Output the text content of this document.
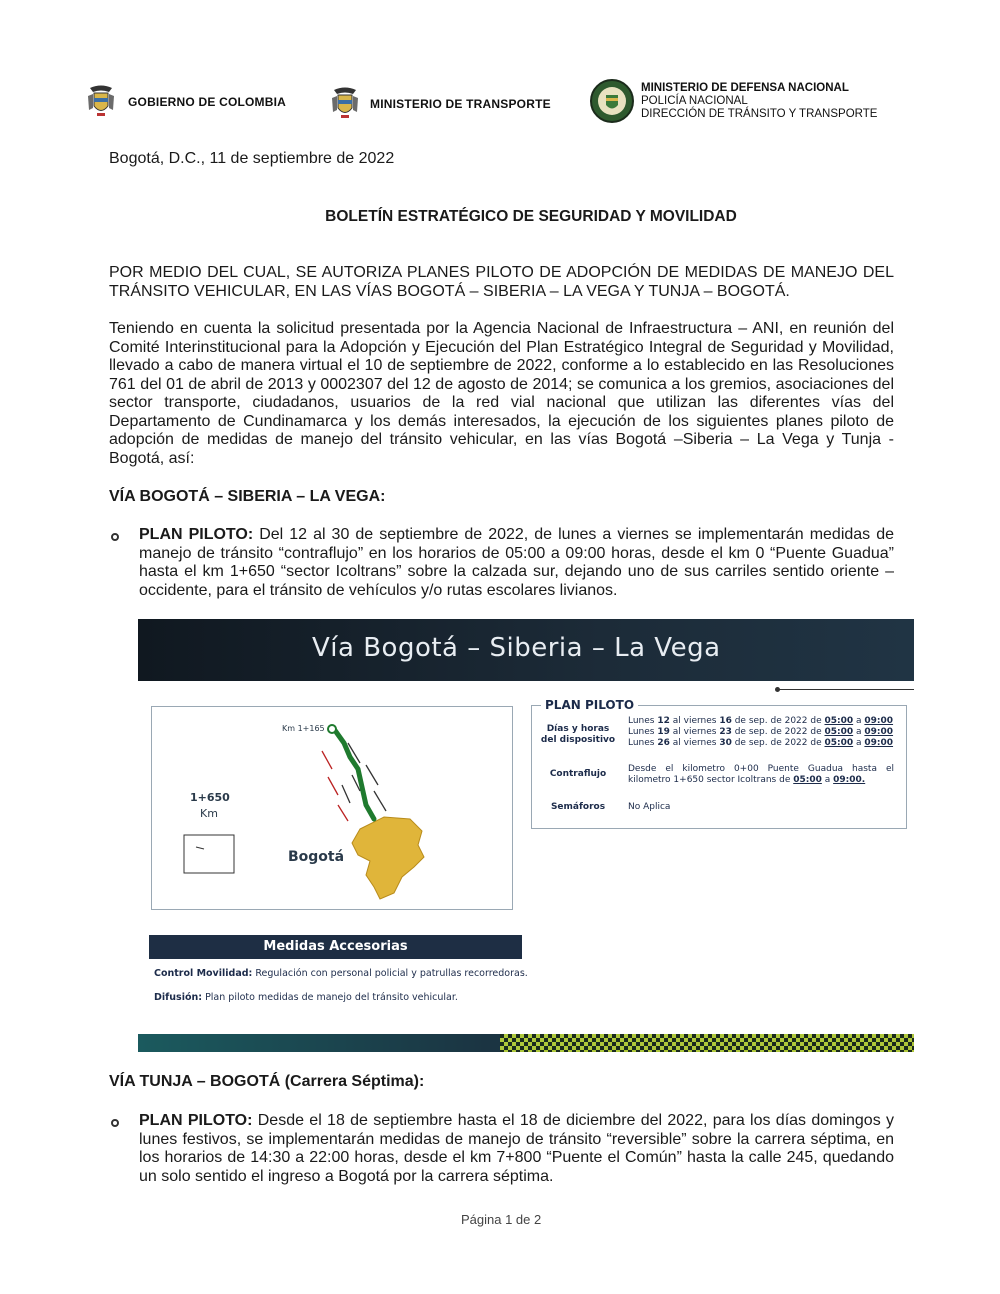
GOBIERNO DE COLOMBIA	MINISTERIO DE TRANSPORTE
MINISTERIO DE DEFENSA NACIONAL
POLICÍA NACIONAL
DIRECCIÓN DE TRÁNSITO Y TRANSPORTE
Bogotá, D.C., 11 de septiembre de 2022
BOLETÍN ESTRATÉGICO DE SEGURIDAD Y MOVILIDAD
POR MEDIO DEL CUAL, SE AUTORIZA PLANES PILOTO DE ADOPCIÓN DE MEDIDAS DE MANEJO DEL TRÁNSITO VEHICULAR, EN LAS VÍAS BOGOTÁ – SIBERIA – LA VEGA Y TUNJA – BOGOTÁ.
Teniendo en cuenta la solicitud presentada por la Agencia Nacional de Infraestructura – ANI, en reunión del Comité Interinstitucional para la Adopción y Ejecución del Plan Estratégico Integral de Seguridad y Movilidad, llevado a cabo de manera virtual el 10 de septiembre de 2022, conforme a lo establecido en las Resoluciones 761 del 01 de abril de 2013 y 0002307 del 12 de agosto de 2014; se comunica a los gremios, asociaciones del sector transporte, ciudadanos, usuarios de la red vial nacional que utilizan las diferentes vías del Departamento de Cundinamarca y los demás interesados, la ejecución de los siguientes planes piloto de adopción de medidas de manejo del tránsito vehicular, en las vías Bogotá –Siberia – La Vega y Tunja - Bogotá, así:
VÍA BOGOTÁ – SIBERIA – LA VEGA:
PLAN PILOTO: Del 12 al 30 de septiembre de 2022, de lunes a viernes se implementarán medidas de manejo de tránsito “contraflujo” en los horarios de 05:00 a 09:00 horas, desde el km 0 “Puente Guadua” hasta el km 1+650 “sector Icoltrans” sobre la calzada sur, dejando uno de sus carriles sentido oriente – occidente, para el tránsito de vehículos y/o rutas escolares livianos.
Vía Bogotá – Siberia – La Vega
Km 1+165
1+650
Km
Bogotá
PLAN PILOTO
Días y horas del dispositivo
Lunes 12 al viernes 16 de sep. de 2022 de 05:00 a 09:00
Lunes 19 al viernes 23 de sep. de 2022 de 05:00 a 09:00
Lunes 26 al viernes 30 de sep. de 2022 de 05:00 a 09:00
Contraflujo	Desde el kilometro 0+00 Puente Guadua hasta el kilometro 1+650 sector Icoltrans de 05:00 a 09:00.
Semáforos	No Aplica
Medidas Accesorias
Control Movilidad: Regulación con personal policial y patrullas recorredoras.
Difusión: Plan piloto medidas de manejo del tránsito vehicular.
VÍA TUNJA – BOGOTÁ (Carrera Séptima):
PLAN PILOTO: Desde el 18 de septiembre hasta el 18 de diciembre del 2022, para los días domingos y lunes festivos, se implementarán medidas de manejo de tránsito “reversible” sobre la carrera séptima, en los horarios de 14:30 a 22:00 horas, desde el km 7+800 “Puente el Común” hasta la calle 245, quedando un solo sentido el ingreso a Bogotá por la carrera séptima.
Página 1 de 2
